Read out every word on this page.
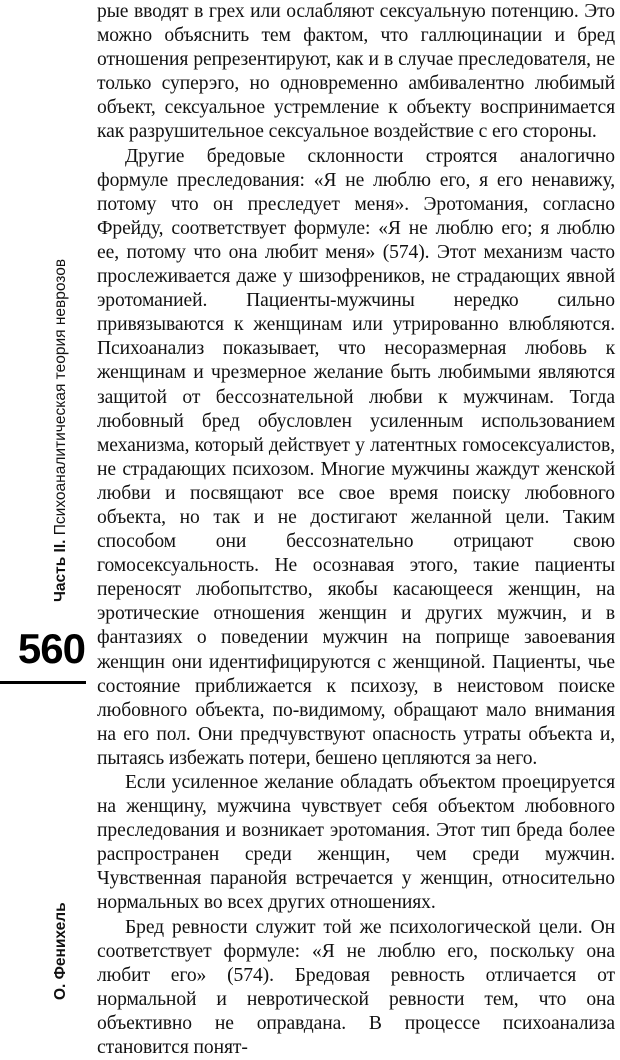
Часть II. Психоаналитическая теория неврозов
560
О. Фенихель

рые вводят в грех или ослабляют сексуальную потенцию. Это можно объяснить тем фактом, что галлюцинации и бред отношения репрезентируют, как и в случае преследователя, не только суперэго, но одновременно амбивалентно любимый объект, сексуальное устремление к объекту воспринимается как разрушительное сексуальное воздействие с его стороны.

Другие бредовые склонности строятся аналогично формуле преследования: «Я не люблю его, я его ненавижу, потому что он преследует меня». Эротомания, согласно Фрейду, соответствует формуле: «Я не люблю его; я люблю ее, потому что она любит меня» (574). Этот механизм часто прослеживается даже у шизофреников, не страдающих явной эротоманией. Пациенты-мужчины нередко сильно привязываются к женщинам или утрированно влюбляются. Психоанализ показывает, что несоразмерная любовь к женщинам и чрезмерное желание быть любимыми являются защитой от бессознательной любви к мужчинам. Тогда любовный бред обусловлен усиленным использованием механизма, который действует у латентных гомосексуалистов, не страдающих психозом. Многие мужчины жаждут женской любви и посвящают все свое время поиску любовного объекта, но так и не достигают желанной цели. Таким способом они бессознательно отрицают свою гомосексуальность. Не осознавая этого, такие пациенты переносят любопытство, якобы касающееся женщин, на эротические отношения женщин и других мужчин, и в фантазиях о поведении мужчин на поприще завоевания женщин они идентифицируются с женщиной. Пациенты, чье состояние приближается к психозу, в неистовом поиске любовного объекта, по-видимому, обращают мало внимания на его пол. Они предчувствуют опасность утраты объекта и, пытаясь избежать потери, бешено цепляются за него.

Если усиленное желание обладать объектом проецируется на женщину, мужчина чувствует себя объектом любовного преследования и возникает эротомания. Этот тип бреда более распространен среди женщин, чем среди мужчин. Чувственная паранойя встречается у женщин, относительно нормальных во всех других отношениях.

Бред ревности служит той же психологической цели. Он соответствует формуле: «Я не люблю его, поскольку она любит его» (574). Бредовая ревность отличается от нормальной и невротической ревности тем, что она объективно не оправдана. В процессе психоанализа становится понят-
